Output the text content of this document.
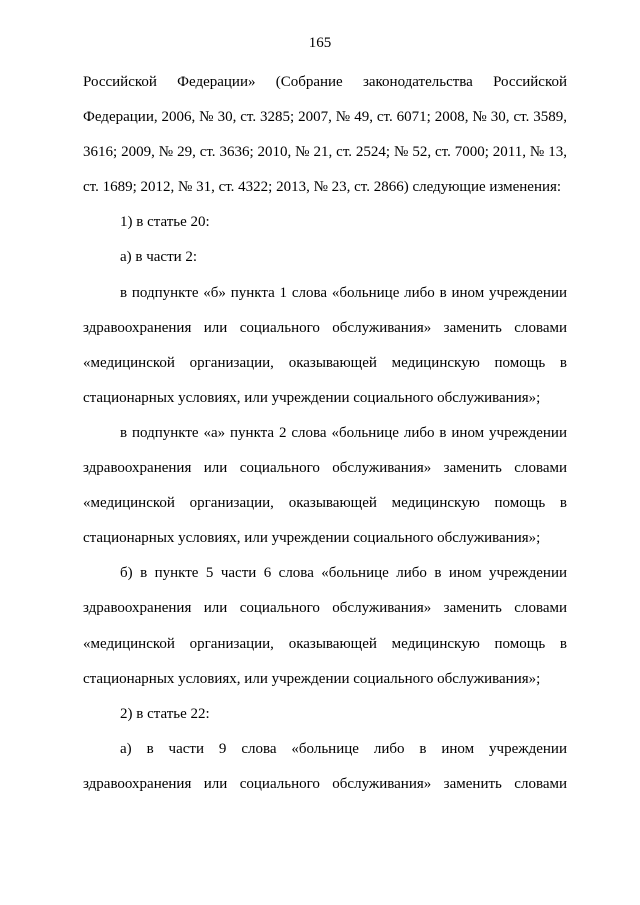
165

Российской Федерации» (Собрание законодательства Российской Федерации, 2006, № 30, ст. 3285; 2007, № 49, ст. 6071; 2008, № 30, ст. 3589, 3616; 2009, № 29, ст. 3636; 2010, № 21, ст. 2524; № 52, ст. 7000; 2011, № 13, ст. 1689; 2012, № 31, ст. 4322; 2013, № 23, ст. 2866) следующие изменения:

1) в статье 20:

а) в части 2:

в подпункте «б» пункта 1 слова «больнице либо в ином учреждении здравоохранения или социального обслуживания» заменить словами «медицинской организации, оказывающей медицинскую помощь в стационарных условиях, или учреждении социального обслуживания»;

в подпункте «а» пункта 2 слова «больнице либо в ином учреждении здравоохранения или социального обслуживания» заменить словами «медицинской организации, оказывающей медицинскую помощь в стационарных условиях, или учреждении социального обслуживания»;

б) в пункте 5 части 6 слова «больнице либо в ином учреждении здравоохранения или социального обслуживания» заменить словами «медицинской организации, оказывающей медицинскую помощь в стационарных условиях, или учреждении социального обслуживания»;

2) в статье 22:

а) в части 9 слова «больнице либо в ином учреждении здравоохранения или социального обслуживания» заменить словами
